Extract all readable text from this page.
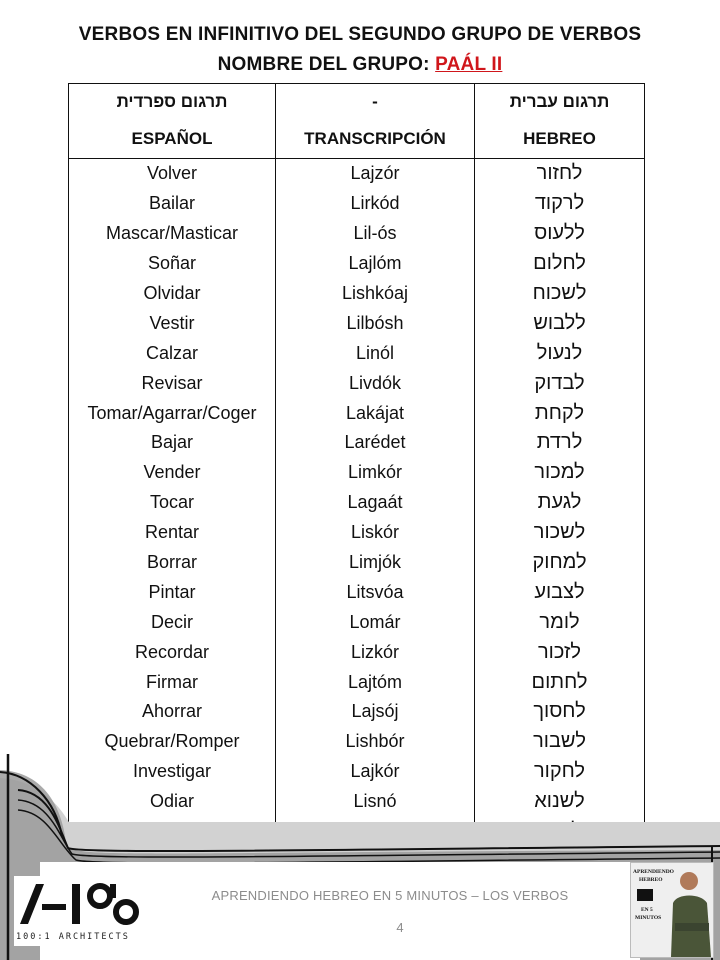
VERBOS EN INFINITIVO DEL SEGUNDO GRUPO DE VERBOS
NOMBRE DEL GRUPO: PAÁL II
תרגום ספרדית	-	תרגום עברית
ESPAÑOL	TRANSCRIPCIÓN	HEBREO
Volver	Lajzór	לחזור
Bailar	Lirkód	לרקוד
Mascar/Masticar	Lil-ós	ללעוס
Soñar	Lajlóm	לחלום
Olvidar	Lishkóaj	לשכוח
Vestir	Lilbósh	ללבוש
Calzar	Linól	לנעול
Revisar	Livdók	לבדוק
Tomar/Agarrar/Coger	Lakájat	לקחת
Bajar	Larédet	לרדת
Vender	Limkór	למכור
Tocar	Lagaát	לגעת
Rentar	Liskór	לשכור
Borrar	Limjók	למחוק
Pintar	Litsvóa	לצבוע
Decir	Lomár	לומר
Recordar	Lizkór	לזכור
Firmar	Lajtóm	לחתום
Ahorrar	Lajsój	לחסוך
Quebrar/Romper	Lishbór	לשבור
Investigar	Lajkór	לחקור
Odiar	Lisnó	לשנוא

100:1 ARCHITECTS
APRENDIENDO HEBREO EN 5 MINUTOS – LOS VERBOS
4
APRENDIENDO
HEBREO
EN 5
MINUTOS
